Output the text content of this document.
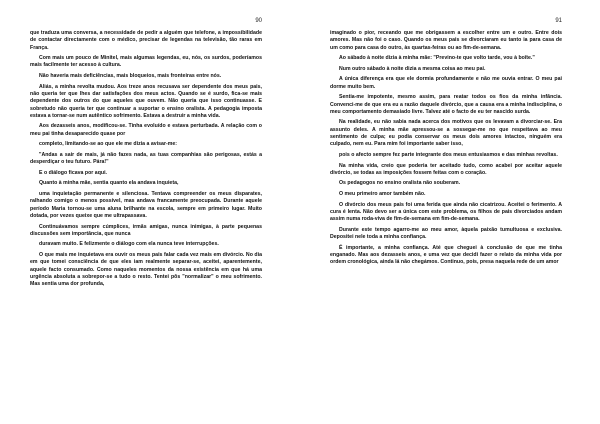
90

que traduza uma conversa, a necessidade de pedir a alguém que telefone, a impossibilidade de contactar directamente com o médico, precisar de legendas na televisão, tão raras em França.

Com mais um pouco de Minitel, mais algumas legendas, eu, nós, os surdos, poderíamos mais facilmente ter acesso à cultura.

Não haveria mais deficiências, mais bloqueios, mais fronteiras entre nós.

Aliás, a minha revolta mudou. Aos treze anos recusava ser dependente dos meus pais, não queria ter que lhes dar satisfações dos meus actos. Quando se é surdo, fica-se mais dependente dos outros do que aqueles que ouvem. Não queria que isso continuasse. E sobretudo não queria ter que continuar a suportar o ensino oralista. A pedagogia imposta estava a tornar-se num autêntico sofrimento. Estava a destruir a minha vida.

Aos dezasseis anos, modificou-se. Tinha evoluído e estava perturbada. A relação com o meu pai tinha desaparecido quase por

completo, limitando-se ao que ele me dizia a avisar-me:

"Andas a sair de mais, já não fazes nada, as tuas companhias são perigosas, estás a desperdiçar o teu futuro. Pára!"

E o diálogo ficava por aqui.

Quanto à minha mãe, sentia quanto ela andava inquieta,

uma inquietação permanente e silenciosa. Tentava compreender os meus disparates, ralhando comigo o menos possível, mas andava francamente preocupada. Durante aquele período Maria tornou-se uma aluna brilhante na escola, sempre em primeiro lugar. Muito dotada, por vezes queixe que me ultrapassava.

Continuávamos sempre cúmplices, irmãs amigas, nunca inimigas, à parte pequenas discussões sem importância, que nunca

duravam muito. E felizmente o diálogo com ela nunca teve interrupções.

O que mais me inquietava era ouvir os meus pais falar cada vez mais em divórcio. No dia em que tomei consciência de que eles iam realmente separar-se, aceitei, aparentemente, aquele facto consumado. Como naqueles momentos da nossa existência em que há uma urgência absoluta a sobrepor-se a tudo o resto. Tentei pôs "normalizar" o meu sofrimento. Mas sentia uma dor profunda,

91

imaginado o pior, receando que me obrigassem a escolher entre um e outro. Entre dois amores. Mas não foi o caso. Quando os meus pais se divorciaram eu tanto ia para casa de um como para casa do outro, às quartas-feiras ou ao fim-de-semana.

Ao sábado à noite dizia à minha mãe: "Previno-te que volto tarde, vou à boîte."

Num outro sábado à noite dizia a mesma coisa ao meu pai.

A única diferença era que ele dormia profundamente e não me ouvia entrar. O meu pai dorme muito bem.

Sentia-me impotente, mesmo assim, para reatar todos os fios da minha infância. Convenci-me de que era eu a razão daquele divórcio, que a causa era a minha indisciplina, o meu comportamento demasiado livre. Talvez até o facto de eu ter nascido surda.

Na realidade, eu não sabia nada acerca dos motivos que os levavam a divorciar-se. Era assunto deles. A minha mãe apressou-se a sossegar-me no que respeitava ao meu sentimento de culpa; eu podia conservar os meus dois amores intactos, ninguém era culpado, nem eu. Para mim foi importante saber isso,

pois o afecto sempre fez parte integrante dos meus entusiasmos e das minhas revoltas.

Na minha vida, creio que poderia ter aceitado tudo, como acabei por aceitar aquele divórcio, se todas as imposições fossem feitas com o coração.

Os pedagogos no ensino oralista não souberam.

O meu primeiro amor também não.

O divórcio dos meus pais foi uma ferida que ainda não cicatrizou. Aceitei o ferimento. A cura é lenta. Não devo ser a única com este problema, os filhos de pais divorciados andam assim numa roda-viva de fim-de-semana em fim-de-semana.

Durante este tempo agarro-me ao meu amor, àquela paixão tumultuosa e exclusiva. Depositei nele toda a minha confiança.

É importante, a minha confiança. Até que cheguei à conclusão de que me tinha enganado. Mas aos dezasseis anos, e uma vez que decidi fazer o relato da minha vida por ordem cronológica, ainda lá não chegámos. Continuo, pois, presa naquela rede de um amor
